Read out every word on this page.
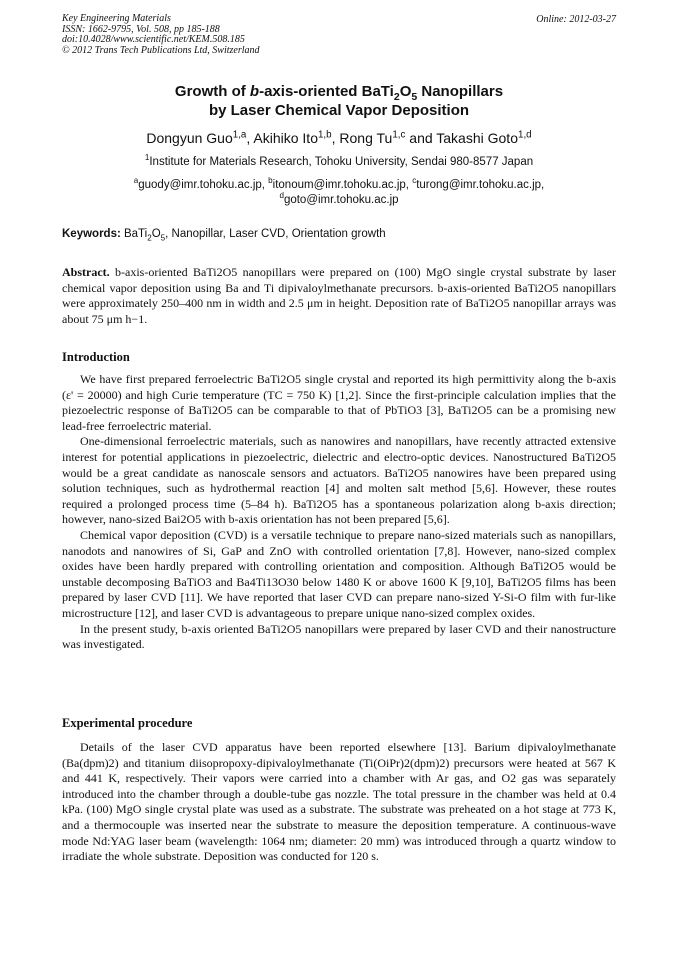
Key Engineering Materials
ISSN: 1662-9795, Vol. 508, pp 185-188
doi:10.4028/www.scientific.net/KEM.508.185
© 2012 Trans Tech Publications Ltd, Switzerland
Online: 2012-03-27
Growth of b-axis-oriented $BaTi_2O_5$ Nanopillars
by Laser Chemical Vapor Deposition
Dongyun Guo$^{1,a}$, Akihiko Ito$^{1,b}$, Rong Tu$^{1,c}$ and Takashi Goto$^{1,d}$
$^1$Institute for Materials Research, Tohoku University, Sendai 980-8577 Japan
$^a$guody@imr.tohoku.ac.jp, $^b$itonoum@imr.tohoku.ac.jp, $^c$turong@imr.tohoku.ac.jp,
$^d$goto@imr.tohoku.ac.jp
Keywords: $BaTi_2O_5$, Nanopillar, Laser CVD, Orientation growth

Abstract. b-axis-oriented BaTi2O5 nanopillars were prepared on (100) MgO single crystal substrate by laser chemical vapor deposition using Ba and Ti dipivaloylmethanate precursors. b-axis-oriented BaTi2O5 nanopillars were approximately 250–400 nm in width and 2.5 μm in height. Deposition rate of BaTi2O5 nanopillar arrays was about 75 μm h−1.

Introduction

We have first prepared ferroelectric BaTi2O5 single crystal and reported its high permittivity along the b-axis (ε' = 20000) and high Curie temperature (TC = 750 K) [1,2]. Since the first-principle calculation implies that the piezoelectric response of BaTi2O5 can be comparable to that of PbTiO3 [3], BaTi2O5 can be a promising new lead-free ferroelectric material.

One-dimensional ferroelectric materials, such as nanowires and nanopillars, have recently attracted extensive interest for potential applications in piezoelectric, dielectric and electro-optic devices. Nanostructured BaTi2O5 would be a great candidate as nanoscale sensors and actuators. BaTi2O5 nanowires have been prepared using solution techniques, such as hydrothermal reaction [4] and molten salt method [5,6]. However, these routes required a prolonged process time (5–84 h). BaTi2O5 has a spontaneous polarization along b-axis direction; however, nano-sized Bai2O5 with b-axis orientation has not been prepared [5,6].

Chemical vapor deposition (CVD) is a versatile technique to prepare nano-sized materials such as nanopillars, nanodots and nanowires of Si, GaP and ZnO with controlled orientation [7,8]. However, nano-sized complex oxides have been hardly prepared with controlling orientation and composition. Although BaTi2O5 would be unstable decomposing BaTiO3 and Ba4Ti13O30 below 1480 K or above 1600 K [9,10], BaTi2O5 films has been prepared by laser CVD [11]. We have reported that laser CVD can prepare nano-sized Y-Si-O film with fur-like microstructure [12], and laser CVD is advantageous to prepare unique nano-sized complex oxides.

In the present study, b-axis oriented BaTi2O5 nanopillars were prepared by laser CVD and their nanostructure was investigated.

Experimental procedure

Details of the laser CVD apparatus have been reported elsewhere [13]. Barium dipivaloylmethanate (Ba(dpm)2) and titanium diisopropoxy-dipivaloylmethanate (Ti(OiPr)2(dpm)2) precursors were heated at 567 K and 441 K, respectively. Their vapors were carried into a chamber with Ar gas, and O2 gas was separately introduced into the chamber through a double-tube gas nozzle. The total pressure in the chamber was held at 0.4 kPa. (100) MgO single crystal plate was used as a substrate. The substrate was preheated on a hot stage at 773 K, and a thermocouple was inserted near the substrate to measure the deposition temperature. A continuous-wave mode Nd:YAG laser beam (wavelength: 1064 nm; diameter: 20 mm) was introduced through a quartz window to irradiate the whole substrate. Deposition was conducted for 120 s.
